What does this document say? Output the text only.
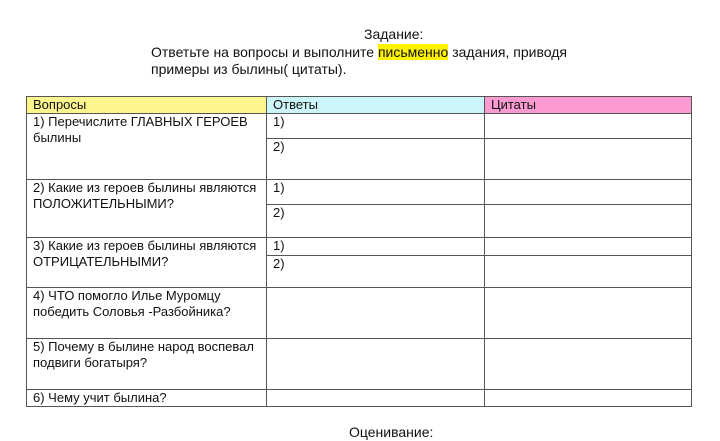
Задание:
Ответьте на вопросы и выполните письменно задания, приводя
примеры из былины( цитаты).
Вопросы	Ответы	Цитаты
1) Перечислите ГЛАВНЫХ ГЕРОЕВ былины	1)	
	2)	
2) Какие из героев былины являются ПОЛОЖИТЕЛЬНЫМИ?	1)	
	2)	
3) Какие из героев былины являются ОТРИЦАТЕЛЬНЫМИ?	1)	
	2)	
4) ЧТО помогло Илье Муромцу победить Соловья -Разбойника?		
5) Почему в былине народ воспевал подвиги богатыря?		
6) Чему учит былина?		
Оценивание:
